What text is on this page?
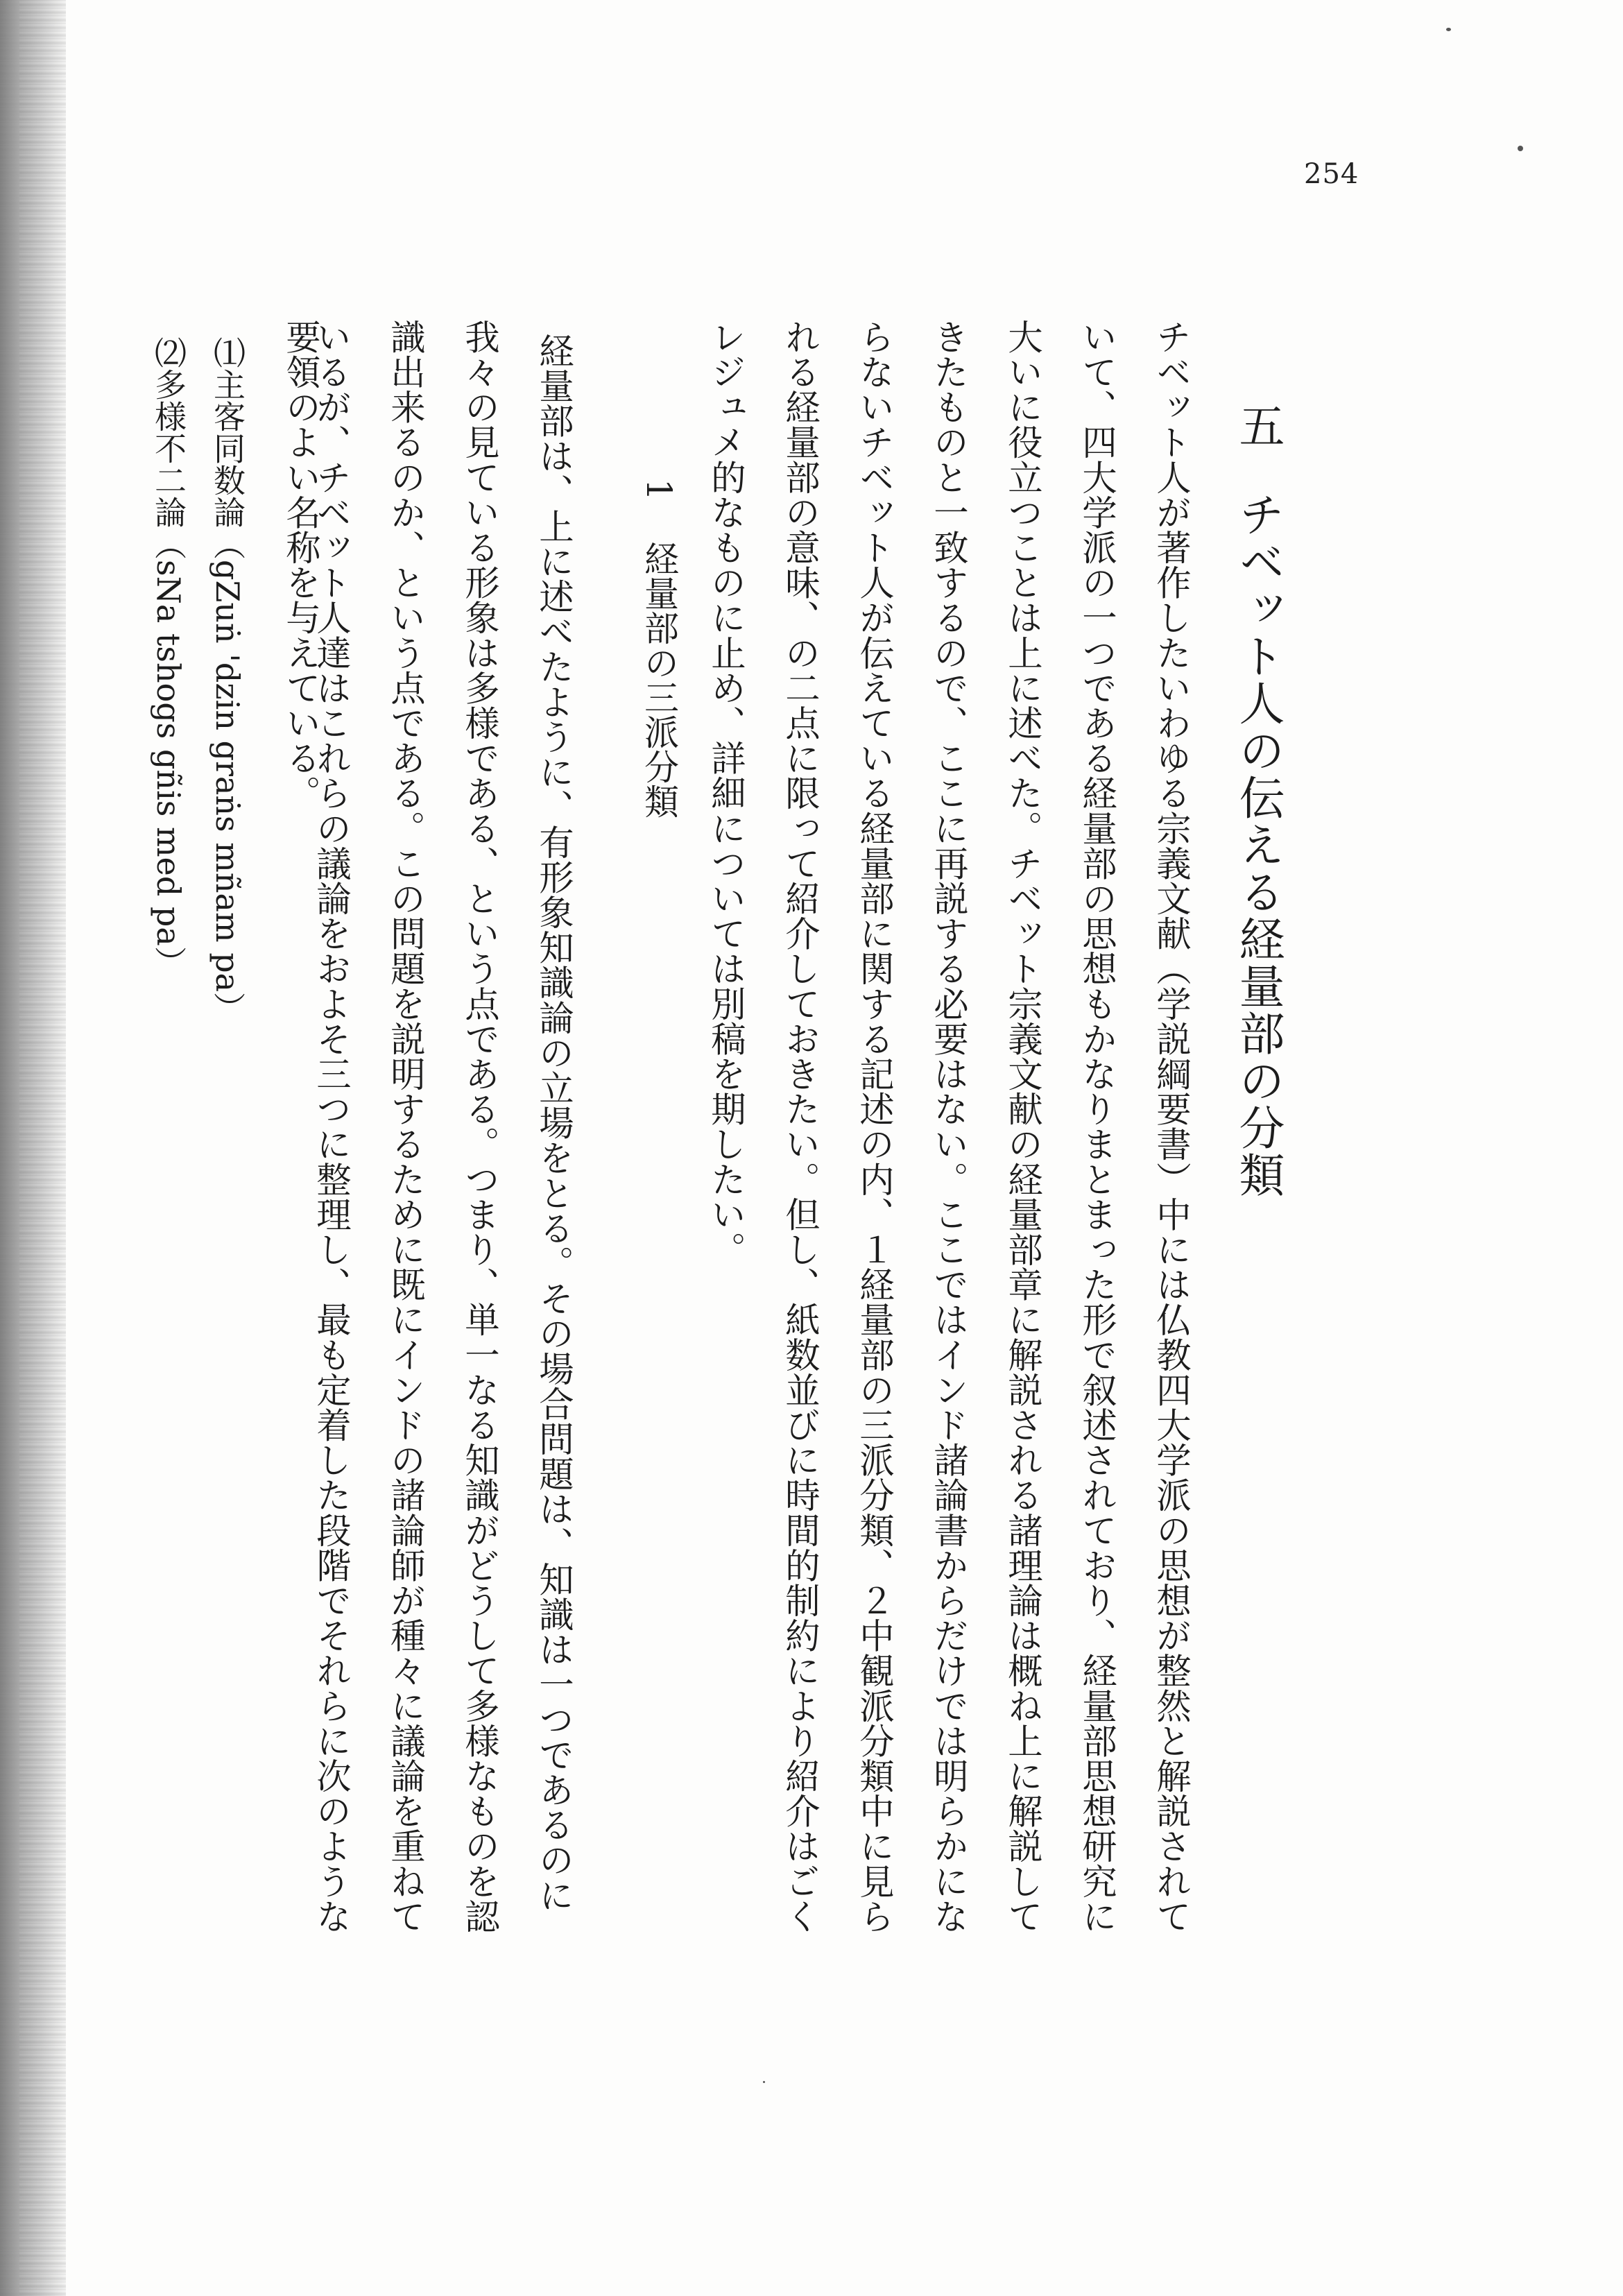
254
五チベット人の伝える経量部の分類
チベット人が著作したいわゆる宗義文献（学説綱要書）中には仏教四大学派の思想が整然と解説されて
いて、四大学派の一つである経量部の思想もかなりまとまった形で叙述されており、経量部思想研究に
大いに役立つことは上に述べた。チベット宗義文献の経量部章に解説される諸理論は概ね上に解説して
きたものと一致するので、ここに再説する必要はない。ここではインド諸論書からだけでは明らかにな
らないチベット人が伝えている経量部に関する記述の内、１経量部の三派分類、２中観派分類中に見ら
れる経量部の意味、の二点に限って紹介しておきたい。但し、紙数並びに時間的制約により紹介はごく
レジュメ的なものに止め、詳細については別稿を期したい。
1経量部の三派分類
経量部は、上に述べたように、有形象知識論の立場をとる。その場合問題は、知識は一つであるのに
我々の見ている形象は多様である、という点である。つまり、単一なる知識がどうして多様なものを認
識出来るのか、という点である。この問題を説明するために既にインドの諸論師が種々に議論を重ねて
いるが、チベット人達はこれらの議論をおよそ三つに整理し、最も定着した段階でそれらに次のような
要領のよい名称を与えている。
⑴主客同数論（gZuṅ 'dzin graṅs mñam pa）
⑵多様不二論（sNa tshogs gñis med pa）
